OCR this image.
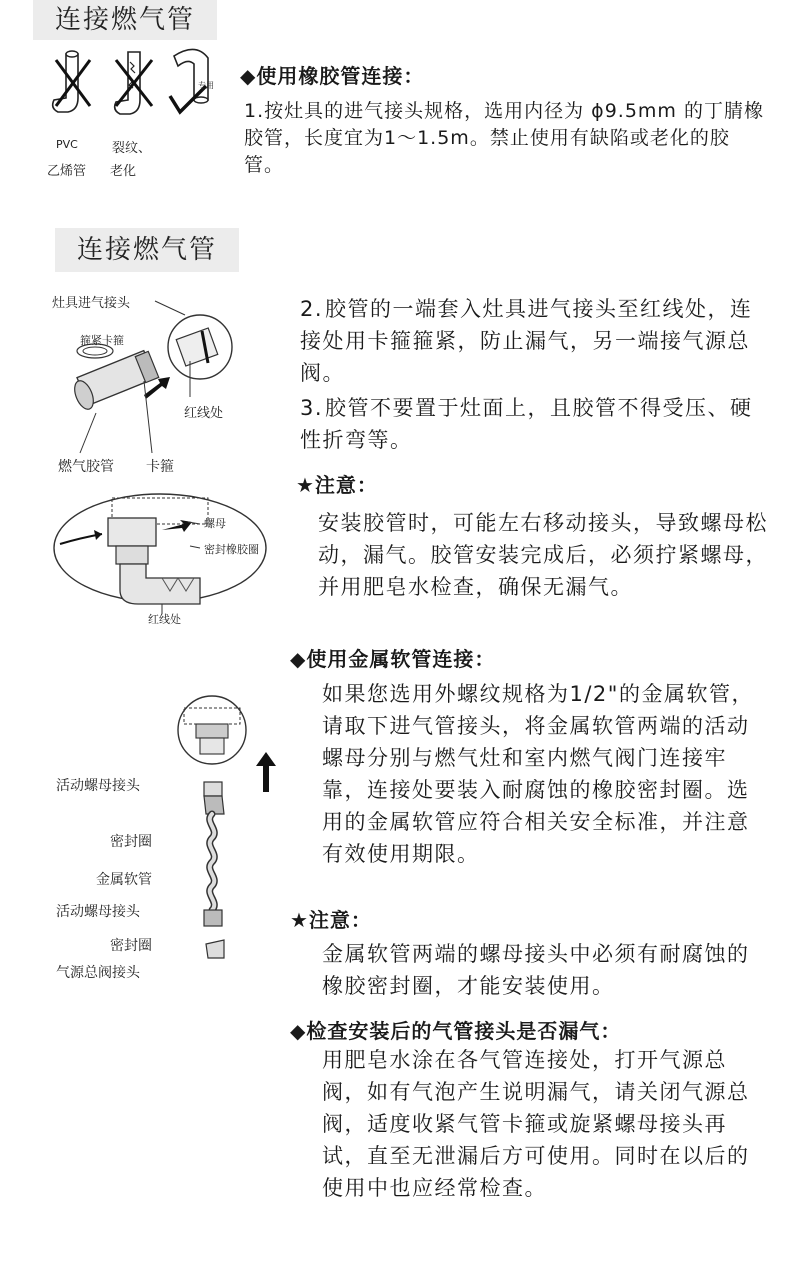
连接燃气管
PVC
乙烯管
裂纹、
老化
专用 ◆使用橡胶管连接：

1.按灶具的进气接头规格，选用内径为 ϕ9.5mm 的丁腈橡胶管，长度宜为1～1.5m。禁止使用有缺陷或老化的胶管。

连接燃气管
灶具进气接头
箍紧卡箍
红线处
燃气胶管 卡箍
螺母
密封橡胶圈
红线处

2.胶管的一端套入灶具进气接头至红线处，连接处用卡箍箍紧，防止漏气，另一端接气源总阀。

3.胶管不要置于灶面上，且胶管不得受压、硬性折弯等。

★注意：

安装胶管时，可能左右移动接头，导致螺母松动，漏气。胶管安装完成后，必须拧紧螺母，并用肥皂水检查，确保无漏气。

◆使用金属软管连接：

如果您选用外螺纹规格为1/2"的金属软管，请取下进气管接头，将金属软管两端的活动螺母分别与燃气灶和室内燃气阀门连接牢靠，连接处要装入耐腐蚀的橡胶密封圈。选用的金属软管应符合相关安全标准，并注意有效使用期限。

活动螺母接头
密封圈
金属软管
活动螺母接头
密封圈
气源总阀接头
★注意：

金属软管两端的螺母接头中必须有耐腐蚀的橡胶密封圈，才能安装使用。

◆检查安装后的气管接头是否漏气：

用肥皂水涂在各气管连接处，打开气源总阀，如有气泡产生说明漏气，请关闭气源总阀，适度收紧气管卡箍或旋紧螺母接头再试，直至无泄漏后方可使用。同时在以后的使用中也应经常检查。
